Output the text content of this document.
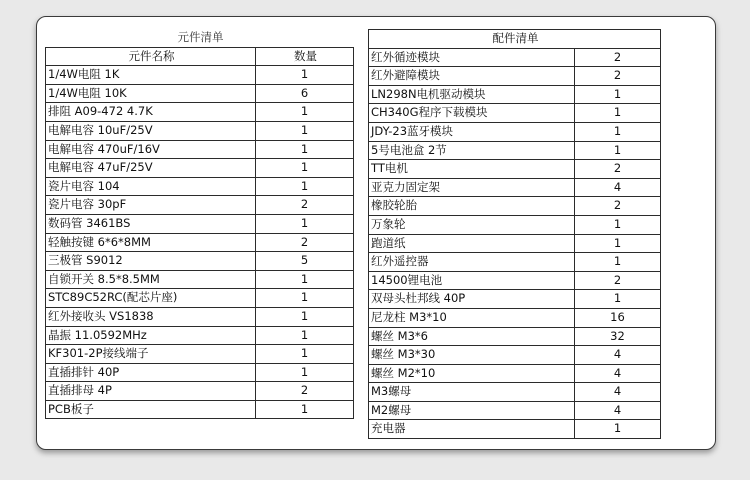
元件清单	
元件名称	数量
1/4W电阻 1K	1
1/4W电阻 10K	6
排阻 A09-472 4.7K	1
电解电容 10uF/25V	1
电解电容 470uF/16V	1
电解电容 47uF/25V	1
瓷片电容 104	1
瓷片电容 30pF	2
数码管 3461BS	1
轻触按键 6*6*8MM	2
三极管 S9012	5
自锁开关 8.5*8.5MM	1
STC89C52RC(配芯片座)	1
红外接收头 VS1838	1
晶振 11.0592MHz	1
KF301-2P接线端子	1
直插排针 40P	1
直插排母 4P	2
PCB板子	1
配件清单	
红外循迹模块	2
红外避障模块	2
LN298N电机驱动模块	1
CH340G程序下载模块	1
JDY-23蓝牙模块	1
5号电池盒 2节	1
TT电机	2
亚克力固定架	4
橡胶轮胎	2
万象轮	1
跑道纸	1
红外遥控器	1
14500锂电池	2
双母头杜邦线 40P	1
尼龙柱 M3*10	16
螺丝 M3*6	32
螺丝 M3*30	4
螺丝 M2*10	4
M3螺母	4
M2螺母	4
充电器	1
